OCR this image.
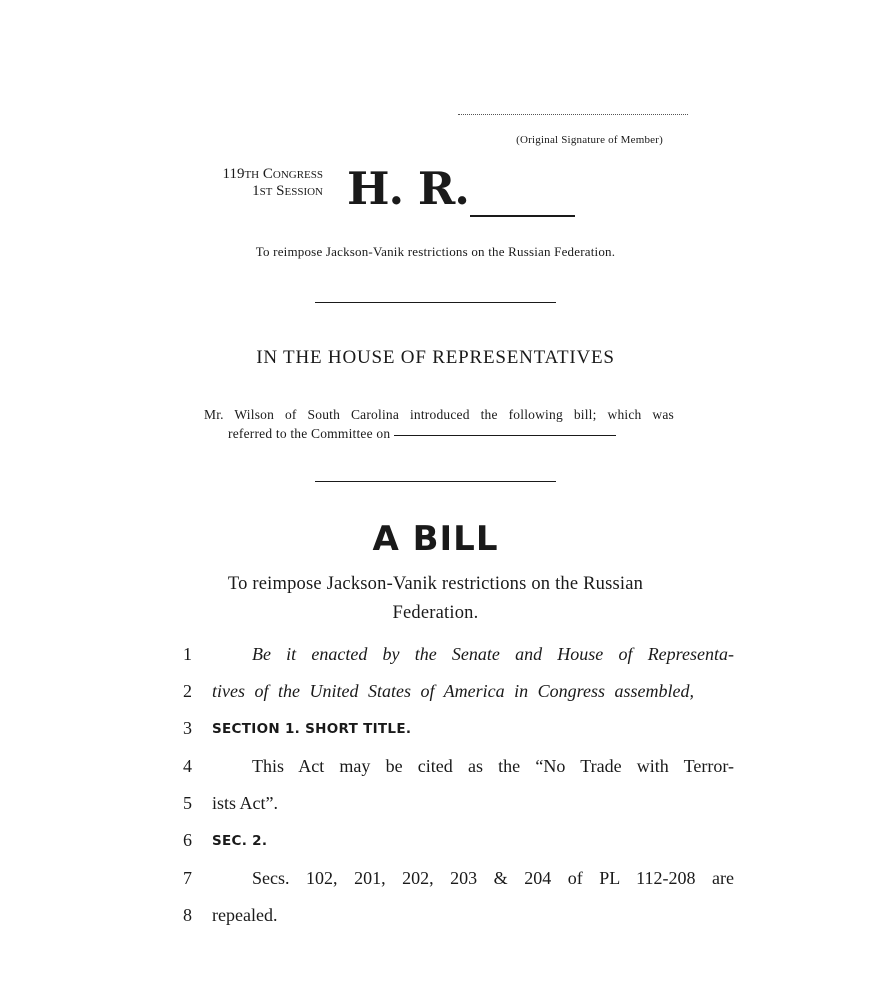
(Original Signature of Member)
119th Congress
1st Session H. R.
To reimpose Jackson-Vanik restrictions on the Russian Federation.
IN THE HOUSE OF REPRESENTATIVES
Mr. Wilson of South Carolina introduced the following bill; which was
referred to the Committee on
A BILL
To reimpose Jackson-Vanik restrictions on the Russian
Federation.
1	Be it enacted by the Senate and House of Representa-
2	tives of the United States of America in Congress assembled,
3	SECTION 1. SHORT TITLE.
4	This Act may be cited as the “No Trade with Terror-
5	ists Act”.
6	SEC. 2.
7	Secs. 102, 201, 202, 203 & 204 of PL 112-208 are
8	repealed.
